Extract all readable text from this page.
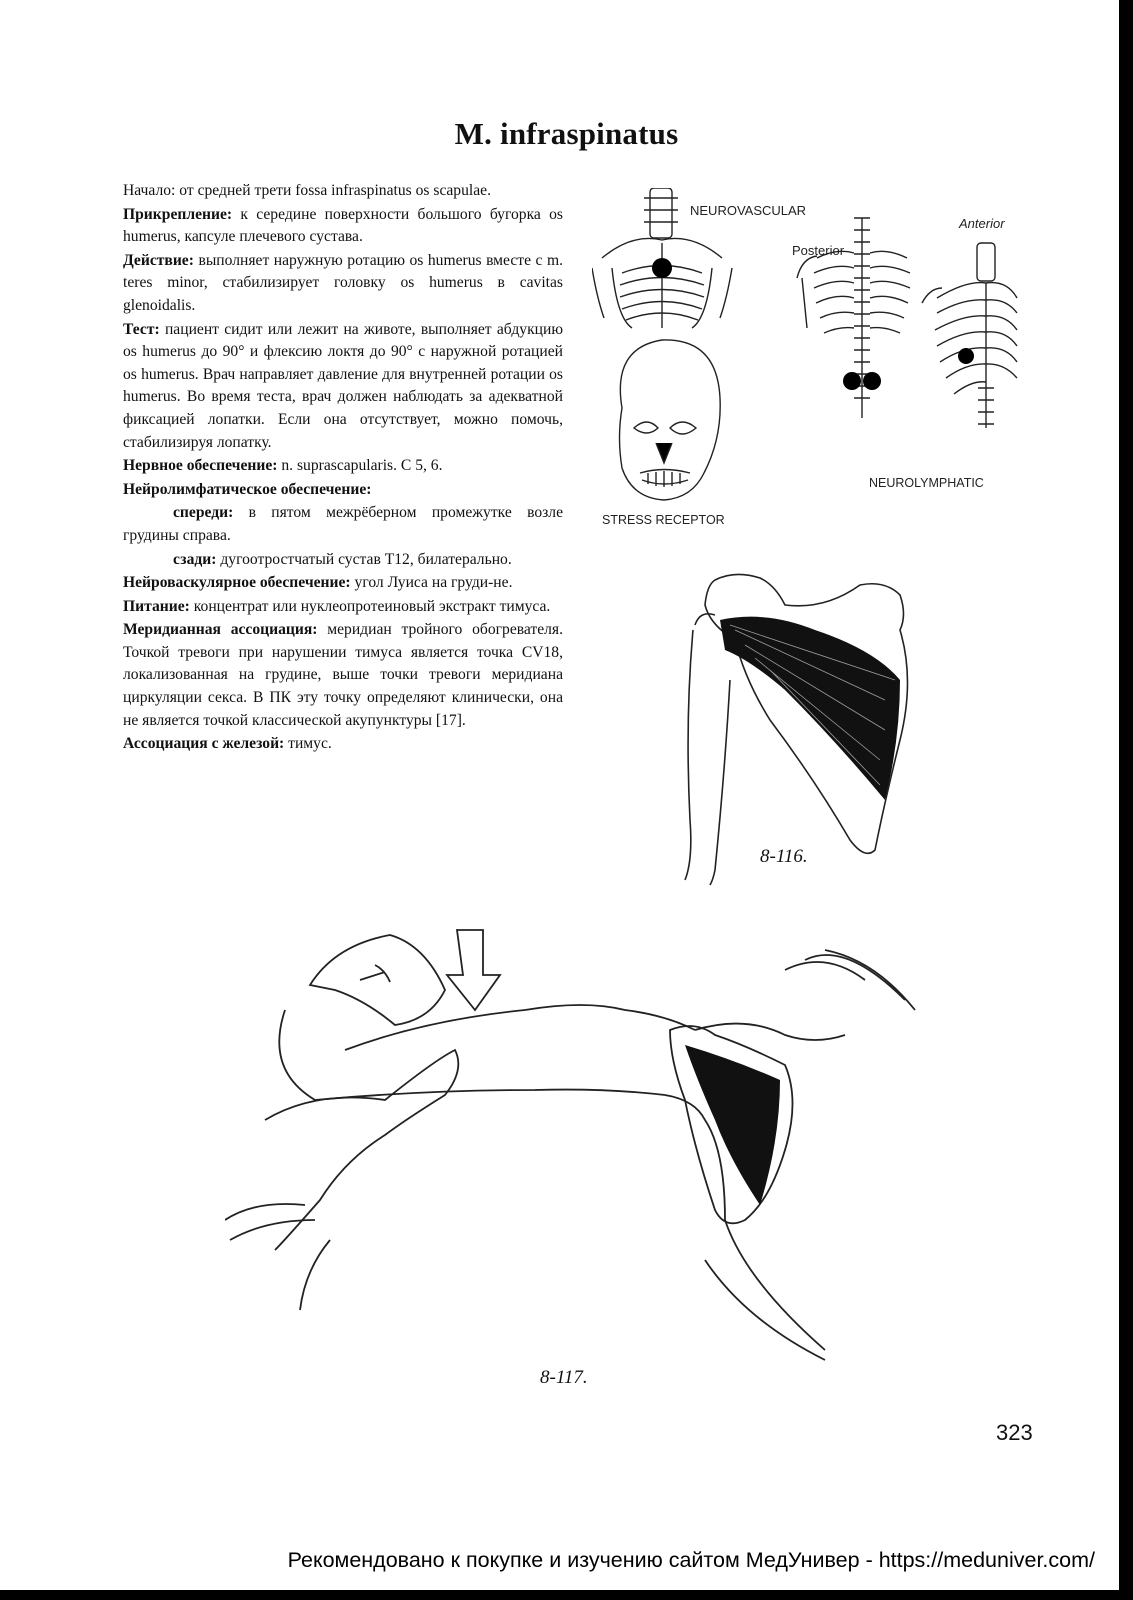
M. infraspinatus

Начало: от средней трети fossa infraspinatus os scapulae.

Прикрепление: к середине поверхности большого бугорка os humerus, капсуле плечевого сустава.

Действие: выполняет наружную ротацию os humerus вместе с m. teres minor, стабилизирует головку os humerus в cavitas glenoidalis.

Тест: пациент сидит или лежит на животе, выполняет абдукцию os humerus до 90° и флексию локтя до 90° с наружной ротацией os humerus. Врач направляет давление для внутренней ротации os humerus. Во время теста, врач должен наблюдать за адекватной фиксацией лопатки. Если она отсутствует, можно помочь, стабилизируя лопатку.

Нервное обеспечение: n. suprascapularis. C 5, 6.

Нейролимфатическое обеспечение:

спереди: в пятом межрёберном промежутке возле грудины справа.

сзади: дугоотростчатый сустав T12, билатерально.

Нейроваскулярное обеспечение: угол Луиса на груди-не.

Питание: концентрат или нуклеопротеиновый экстракт тимуса.

Меридианная ассоциация: меридиан тройного обогревателя. Точкой тревоги при нарушении тимуса является точка CV18, локализованная на грудине, выше точки тревоги меридиана циркуляции секса. В ПК эту точку определяют клинически, она не является точкой классической акупунктуры [17].

Ассоциация с железой: тимус.

NEUROVASCULAR
Posterior
Anterior
NEUROLYMPHATIC
STRESS RECEPTOR
8-116.
8-117.
323
Рекомендовано к покупке и изучению сайтом МедУнивер - https://meduniver.com/
